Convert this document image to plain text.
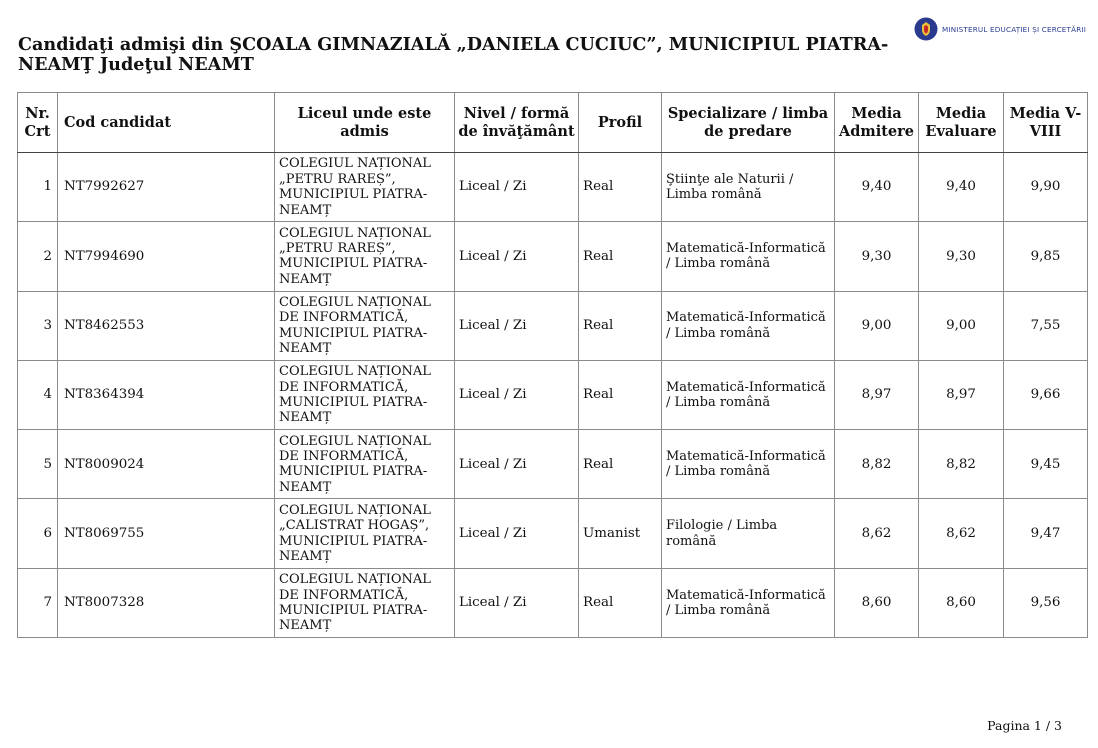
MINISTERUL EDUCAȚIEI ȘI CERCETĂRII
Candidaţi admişi din ŞCOALA GIMNAZIALĂ „DANIELA CUCIUC”, MUNICIPIUL PIATRA-NEAMŢ Judeţul NEAMT
Nr. Crt	Cod candidat	Liceul unde este admis	Nivel / formă de învăţământ	Profil	Specializare / limba de predare	Media Admitere	Media Evaluare	Media V-VIII
1	NT7992627	COLEGIUL NAȚIONAL „PETRU RAREȘ”, MUNICIPIUL PIATRA-NEAMȚ	Liceal / Zi	Real	Ştiinţe ale Naturii / Limba română	9,40	9,40	9,90
2	NT7994690	COLEGIUL NAȚIONAL „PETRU RAREȘ”, MUNICIPIUL PIATRA-NEAMȚ	Liceal / Zi	Real	Matematică-Informatică / Limba română	9,30	9,30	9,85
3	NT8462553	COLEGIUL NAȚIONAL DE INFORMATICĂ, MUNICIPIUL PIATRA-NEAMȚ	Liceal / Zi	Real	Matematică-Informatică / Limba română	9,00	9,00	7,55
4	NT8364394	COLEGIUL NAȚIONAL DE INFORMATICĂ, MUNICIPIUL PIATRA-NEAMȚ	Liceal / Zi	Real	Matematică-Informatică / Limba română	8,97	8,97	9,66
5	NT8009024	COLEGIUL NAȚIONAL DE INFORMATICĂ, MUNICIPIUL PIATRA-NEAMȚ	Liceal / Zi	Real	Matematică-Informatică / Limba română	8,82	8,82	9,45
6	NT8069755	COLEGIUL NAȚIONAL „CALISTRAT HOGAȘ”, MUNICIPIUL PIATRA-NEAMȚ	Liceal / Zi	Umanist	Filologie / Limba română	8,62	8,62	9,47
7	NT8007328	COLEGIUL NAȚIONAL DE INFORMATICĂ, MUNICIPIUL PIATRA-NEAMȚ	Liceal / Zi	Real	Matematică-Informatică / Limba română	8,60	8,60	9,56
Pagina 1 / 3
